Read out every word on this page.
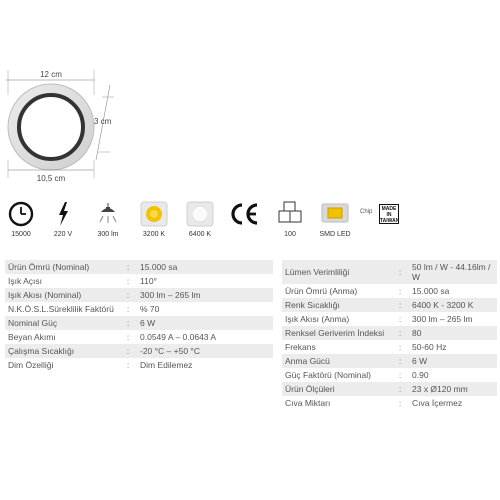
12 cm
10,5 cm
3 cm
15000	220 V	300 lm	3200 K	6400 K	100	SMD LED
Chip	MADE IN TAIWAN
Ürün Ömrü (Nominal)	:	15.000 sa
Işık Açısı	:	110°
Işık Akısı (Nominal)	:	300 lm – 265 lm
N.K.Ö.S.L.Süreklilik Faktörü	:	% 70
Nominal Güç	:	6 W
Beyan Akımı	:	0.0549 A – 0.0643 A
Çalışma Sıcaklığı	:	-20 °C – +50 °C
Dim Özelliği	:	Dim Edilemez
Lümen Verimliliği	:	50 lm / W - 44.16lm / W
Ürün Ömrü (Anma)	:	15.000 sa
Renk Sıcaklığı	:	6400 K - 3200 K
Işık Akısı (Anma)	:	300 lm – 265 lm
Renksel Geriverim İndeksi	:	80
Frekans	:	50-60 Hz
Anma Gücü	:	6 W
Güç Faktörü (Nominal)	:	0.90
Ürün Ölçüleri	:	23 x Ø120 mm
Cıva Miktarı	:	Cıva İçermez
